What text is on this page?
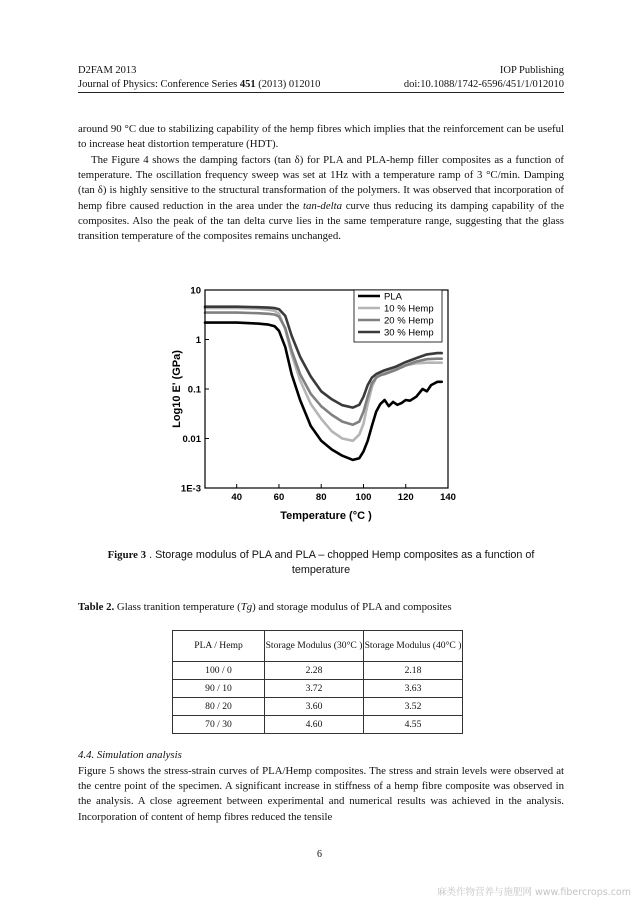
D2FAM 2013	IOP Publishing
Journal of Physics: Conference Series 451 (2013) 012010	doi:10.1088/1742-6596/451/1/012010

around 90 °C due to stabilizing capability of the hemp fibres which implies that the reinforcement can be useful to increase heat distortion temperature (HDT).

The Figure 4 shows the damping factors (tan δ) for PLA and PLA-hemp filler composites as a function of temperature. The oscillation frequency sweep was set at 1Hz with a temperature ramp of 3 °C/min. Damping (tan δ) is highly sensitive to the structural transformation of the polymers. It was observed that incorporation of hemp fibre caused reduction in the area under the tan-delta curve thus reducing its damping capability of the composites. Also the peak of the tan delta curve lies in the same temperature range, suggesting that the glass transition temperature of the composites remains unchanged.

40	60	80	100	120	140
10
1
0.1
0.01
1E-3
PLA
10 % Hemp
20 % Hemp
30 % Hemp
Temperature (°C )
Log10 E' (GPa)
Figure 3 . Storage modulus of PLA and PLA – chopped Hemp composites as a function of temperature
Table 2. Glass tranition temperature (Tg) and storage modulus of PLA and composites
PLA / Hemp	Storage Modulus (30°C )	Storage Modulus (40°C )
100 / 0	2.28	2.18
90 / 10	3.72	3.63
80 / 20	3.60	3.52
70 / 30	4.60	4.55
4.4. Simulation analysis

Figure 5 shows the stress-strain curves of PLA/Hemp composites. The stress and strain levels were observed at the centre point of the specimen. A significant increase in stiffness of a hemp fibre composite was observed in the analysis. A close agreement between experimental and numerical results was achieved in the analysis. Incorporation of content of hemp fibres reduced the tensile

6
麻类作物营养与施肥网 www.fibercrops.com
